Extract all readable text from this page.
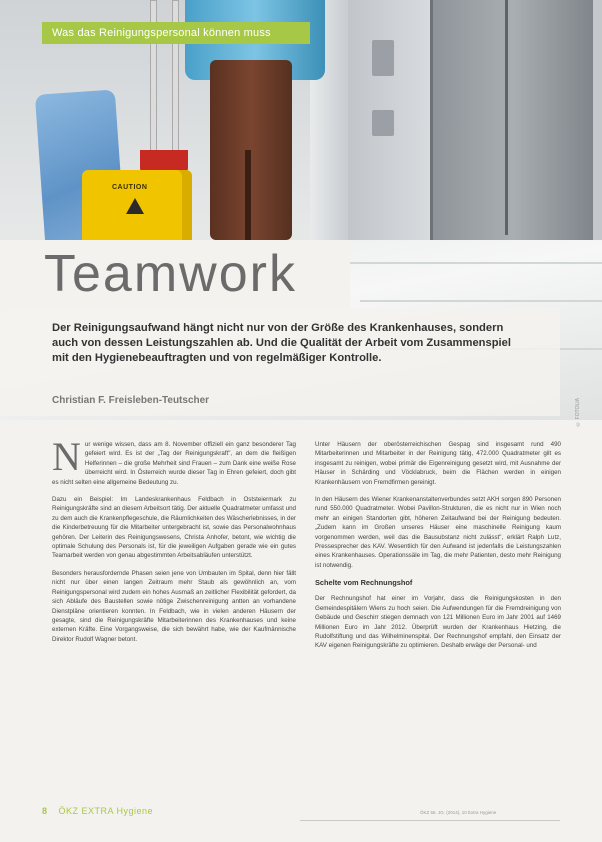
CAUTION
Was das Reinigungspersonal können muss
Teamwork
Der Reinigungsaufwand hängt nicht nur von der Größe des Krankenhauses, sondern auch von dessen Leistungszahlen ab. Und die Qualität der Arbeit vom Zusammenspiel mit den Hygienebeauftragten und von regelmäßiger Kontrolle.
Christian F. Freisleben-Teutscher	© FOTOLIA

Nur wenige wissen, dass am 8. November offiziell ein ganz besonderer Tag gefeiert wird. Es ist der „Tag der Reinigungskraft", an dem die fleißigen Helferinnen – die große Mehrheit sind Frauen – zum Dank eine weiße Rose überreicht wird. In Österreich wurde dieser Tag in Ehren gefeiert, doch gibt es nicht selten eine allgemeine Bedeutung zu.

Dazu ein Beispiel: Im Landeskrankenhaus Feldbach in Oststeiermark zu Reinigungskräfte sind an diesem Arbeitsort tätig. Der aktuelle Quadratmeter umfasst und zu dem auch die Krankenpflegeschule, die Räumlichkeiten des Wäscherlebnisses, in der die Kinderbetreuung für die Mitarbeiter untergebracht ist, sowie das Personalwohnhaus gehören. Der Leiterin des Reinigungswesens, Christa Anhofer, betont, wie wichtig die optimale Schulung des Personals ist, für die jeweiligen Aufgaben gerade wie ein gutes Teamarbeit werden von genau abgestimmten Arbeitsabläufen unterstützt.

Besonders herausfordernde Phasen seien jene von Umbauten im Spital, denn hier fällt nicht nur über einen langen Zeitraum mehr Staub als gewöhnlich an, vom Reinigungspersonal wird zudem ein hohes Ausmaß an zeitlicher Flexibilität gefordert, da sich Abläufe des Baustellen sowie nötige Zwischenreinigung antten an vorhandene Dienstpläne orientieren konnten. In Feldbach, wie in vielen anderen Häusern der gesagte, sind die Reinigungskräfte Mitarbeiterinnen des Krankenhauses und keine externen Kräfte. Eine Vorgangsweise, die sich bewährt habe, wie der Kaufmännische Direktor Rudolf Wagner betont.

Unter Häusern der oberösterreichischen Gespag sind insgesamt rund 490 Mitarbeiterinnen und Mitarbeiter in der Reinigung tätig, 472.000 Quadratmeter gilt es insgesamt zu reinigen, wobei primär die Eigenreinigung gesetzt wird, mit Ausnahme der Häuser in Schärding und Vöcklabruck, beim die Flächen werden in einigen Krankenhäusern von Fremdfirmen gereinigt.

In den Häusern des Wiener Krankenanstaltenverbundes setzt AKH sorgen 890 Personen rund 550.000 Quadratmeter. Wobei Pavillon-Strukturen, die es nicht nur in Wien noch mehr an einigen Standorten gibt, höheren Zeitaufwand bei der Reinigung bedeuten. „Zudem kann im Großen unseres Häuser eine maschinelle Reinigung kaum vorgenommen werden, weil das die Bausubstanz nicht zulässt", erklärt Ralph Lutz, Pressesprecher des KAV. Wesentlich für den Aufwand ist jedenfalls die Leistungszahlen eines Krankenhauses. Operationssäle im Tag, die mehr Patienten, desto mehr Reinigung ist notwendig.

Schelte vom Rechnungshof

Der Rechnungshof hat einer im Vorjahr, dass die Reinigungskosten in den Gemeindespitälern Wiens zu hoch seien. Die Aufwendungen für die Fremdreinigung von Gebäude und Geschirr stiegen demnach von 121 Millionen Euro im Jahr 2001 auf 1469 Millionen Euro im Jahr 2012. Überprüft wurden der Krankenhaus Hietzing, die Rudolfstiftung und das Wilhelminenspital. Der Rechnungshof empfahl, den Einsatz der KAV eigenen Reinigungskräfte zu optimieren. Deshalb erwäge der Personal- und

8 ÖKZ EXTRA Hygiene	ÖKZ 55. JG. (2014), 10 Extra Hygiene
